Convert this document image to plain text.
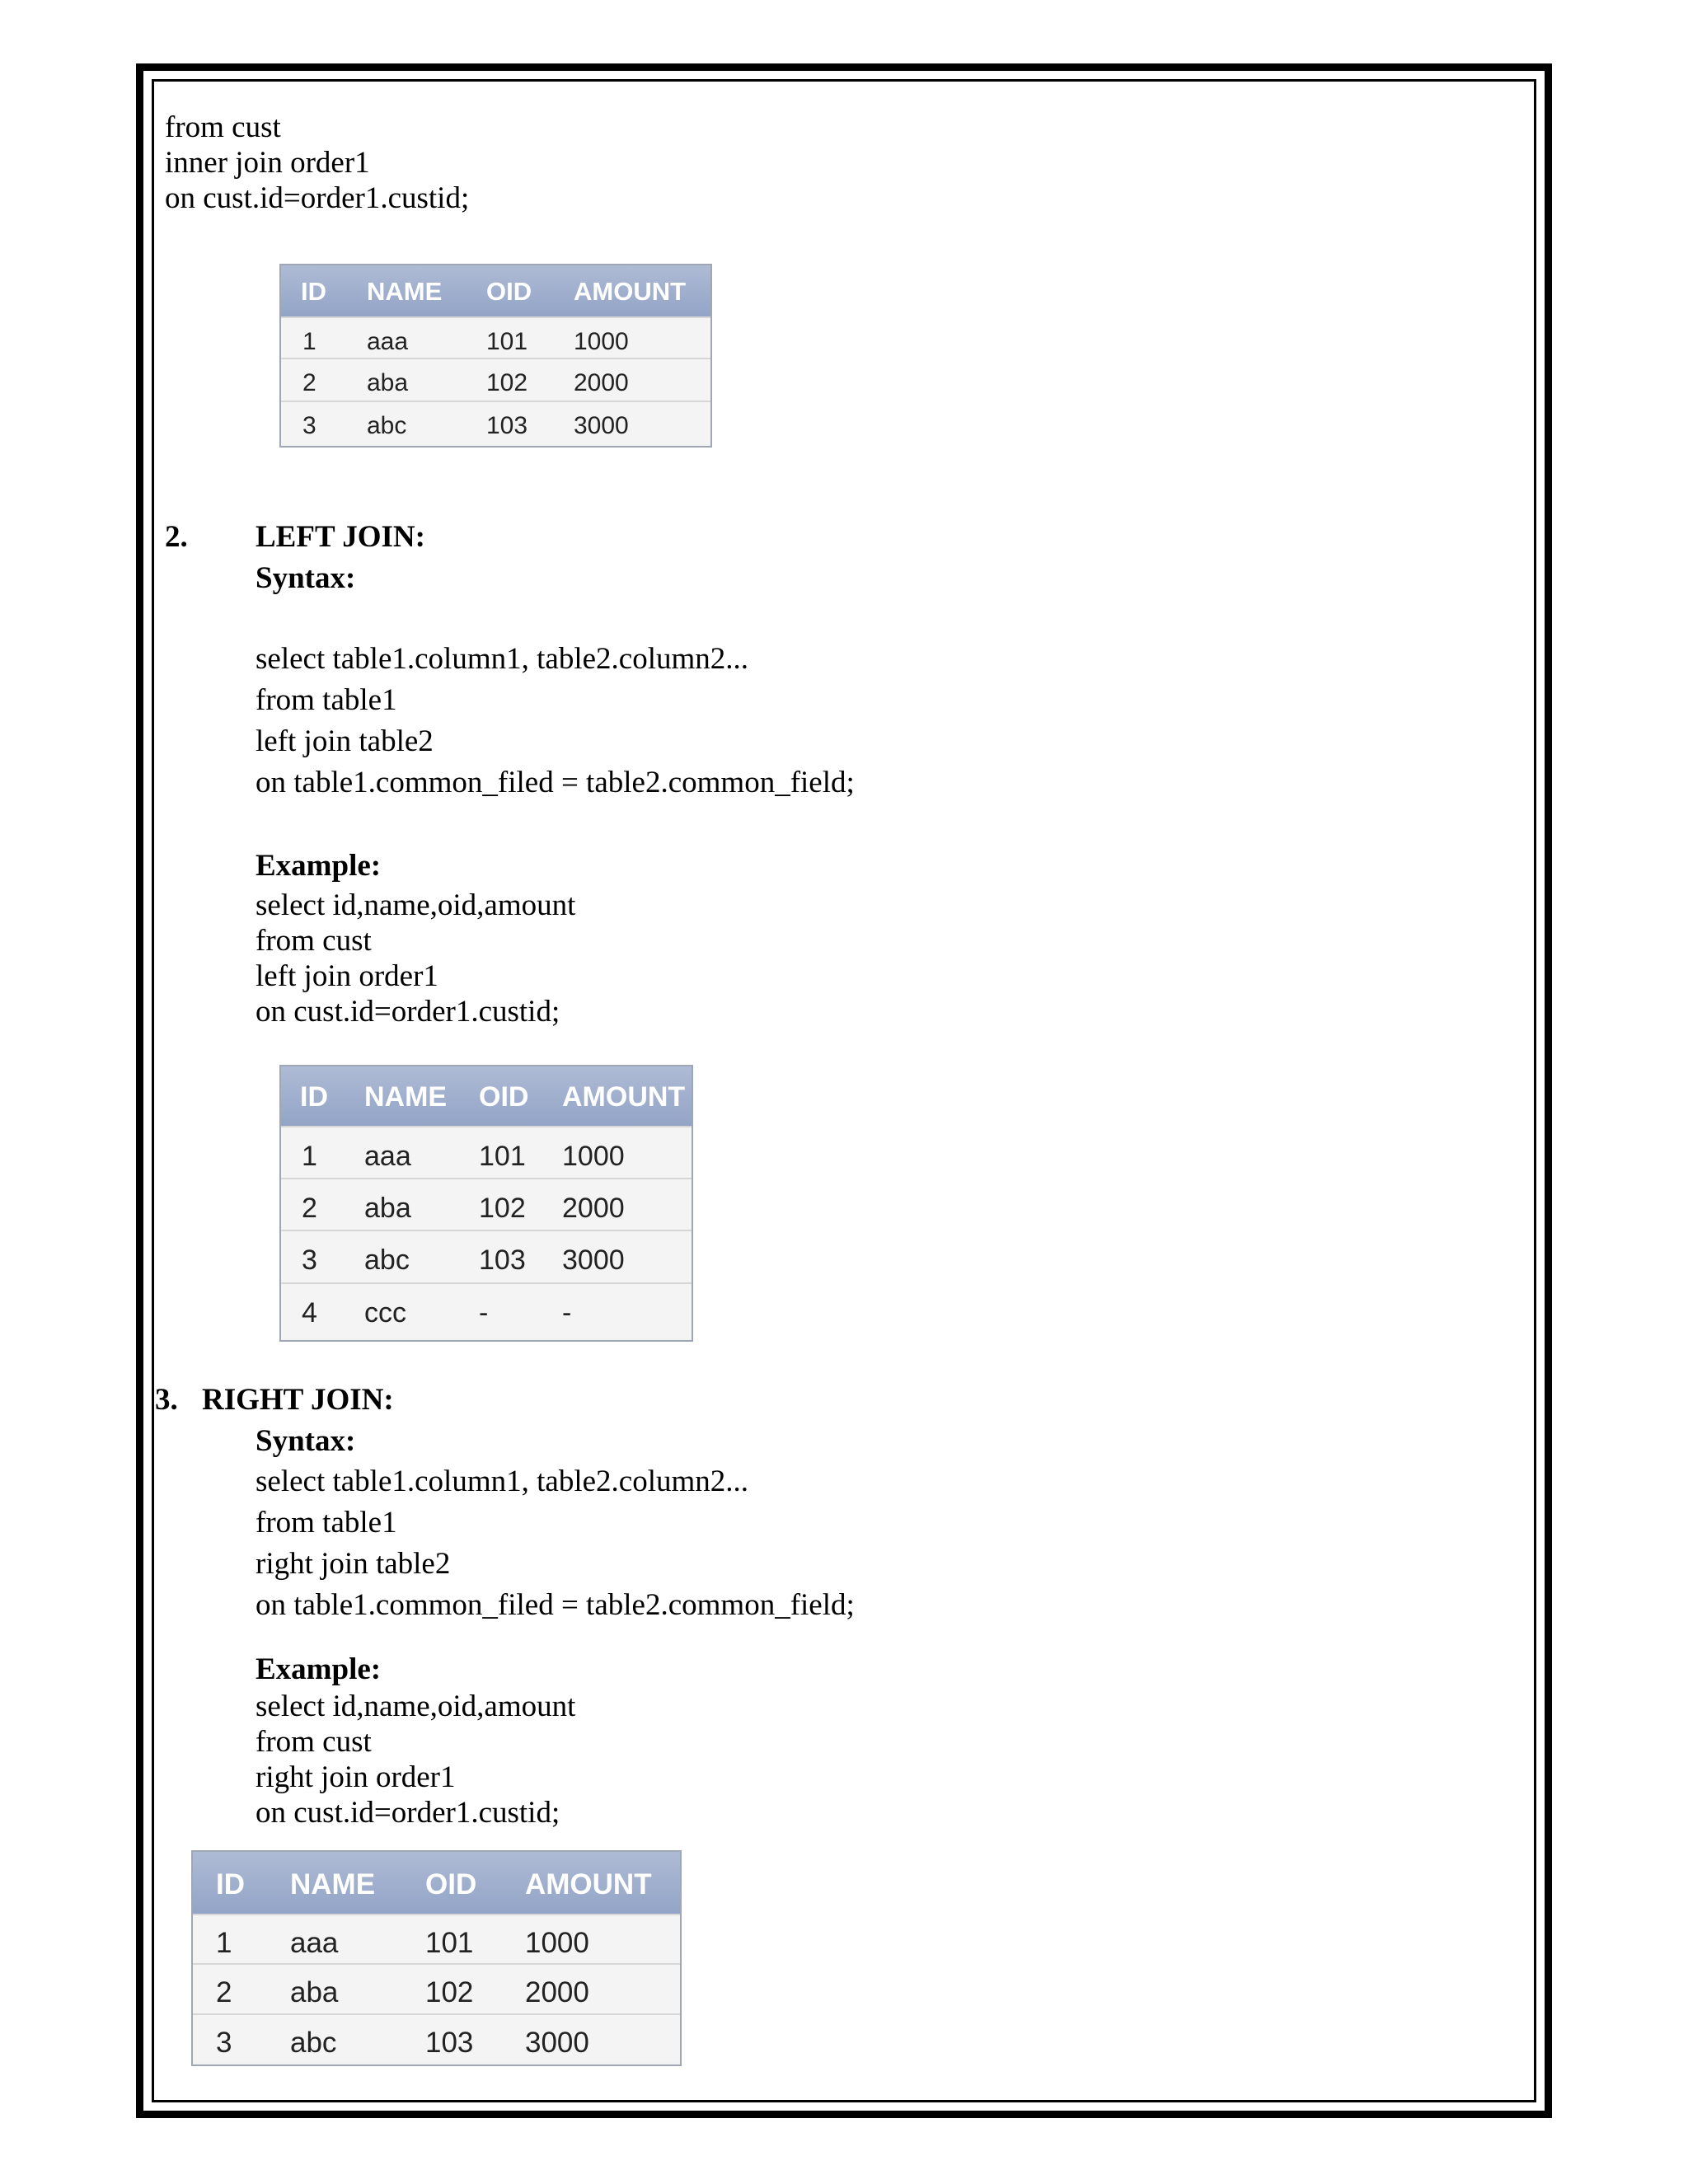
from cust
inner join order1
on cust.id=order1.custid;
ID NAME OID AMOUNT
1 aaa	101 1000
2 aba	102 2000
3 abc	103 3000
2. LEFT JOIN:
Syntax:
select table1.column1, table2.column2...
from table1
left join table2
on table1.common_filed = table2.common_field;
Example:
select id,name,oid,amount
from cust
left join order1
on cust.id=order1.custid;
ID NAME OID AMOUNT
1 aaa 101 1000
2 aba 102 2000
3 abc 103 3000
4 ccc	-	-
3. RIGHT JOIN:
Syntax:
select table1.column1, table2.column2...
from table1
right join table2
on table1.common_filed = table2.common_field;
Example:
select id,name,oid,amount
from cust
right join order1
on cust.id=order1.custid;
ID NAME OID AMOUNT
1 aaa	101 1000
2 aba	102 2000
3 abc	103 3000
